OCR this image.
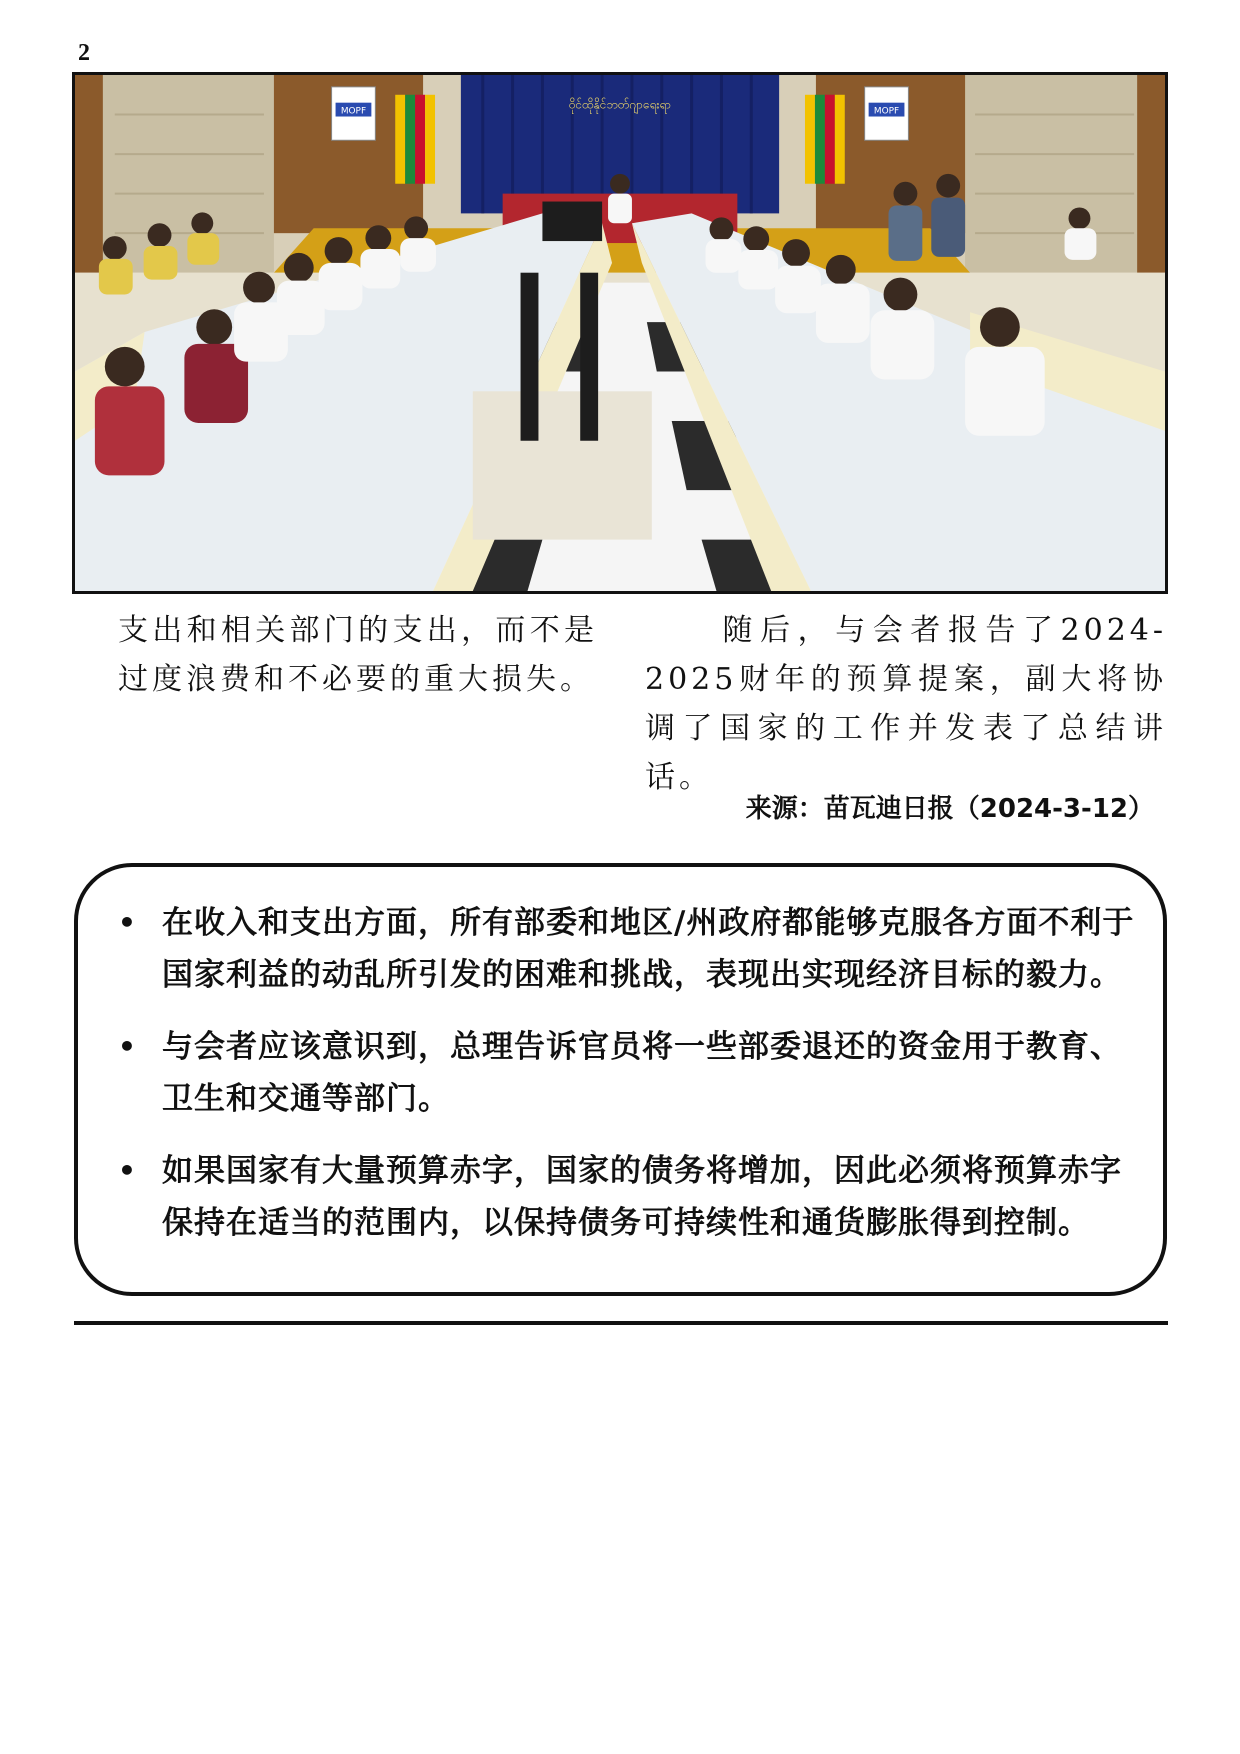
2
ဝိုင်ထိုနိုင်ဘတ်ဂျာရေးရာ
MOPF	MOPF
支出和相关部门的支出，而不是过度浪费和不必要的重大损失。
随后，与会者报告了2024-2025财年的预算提案，副大将协调了国家的工作并发表了总结讲话。
来源：苗瓦迪日报（2024-3-12）
• 在收入和支出方面，所有部委和地区/州政府都能够克服各方面不利于国家利益的动乱所引发的困难和挑战，表现出实现经济目标的毅力。
• 与会者应该意识到，总理告诉官员将一些部委退还的资金用于教育、卫生和交通等部门。
• 如果国家有大量预算赤字，国家的债务将增加，因此必须将预算赤字保持在适当的范围内，以保持债务可持续性和通货膨胀得到控制。
